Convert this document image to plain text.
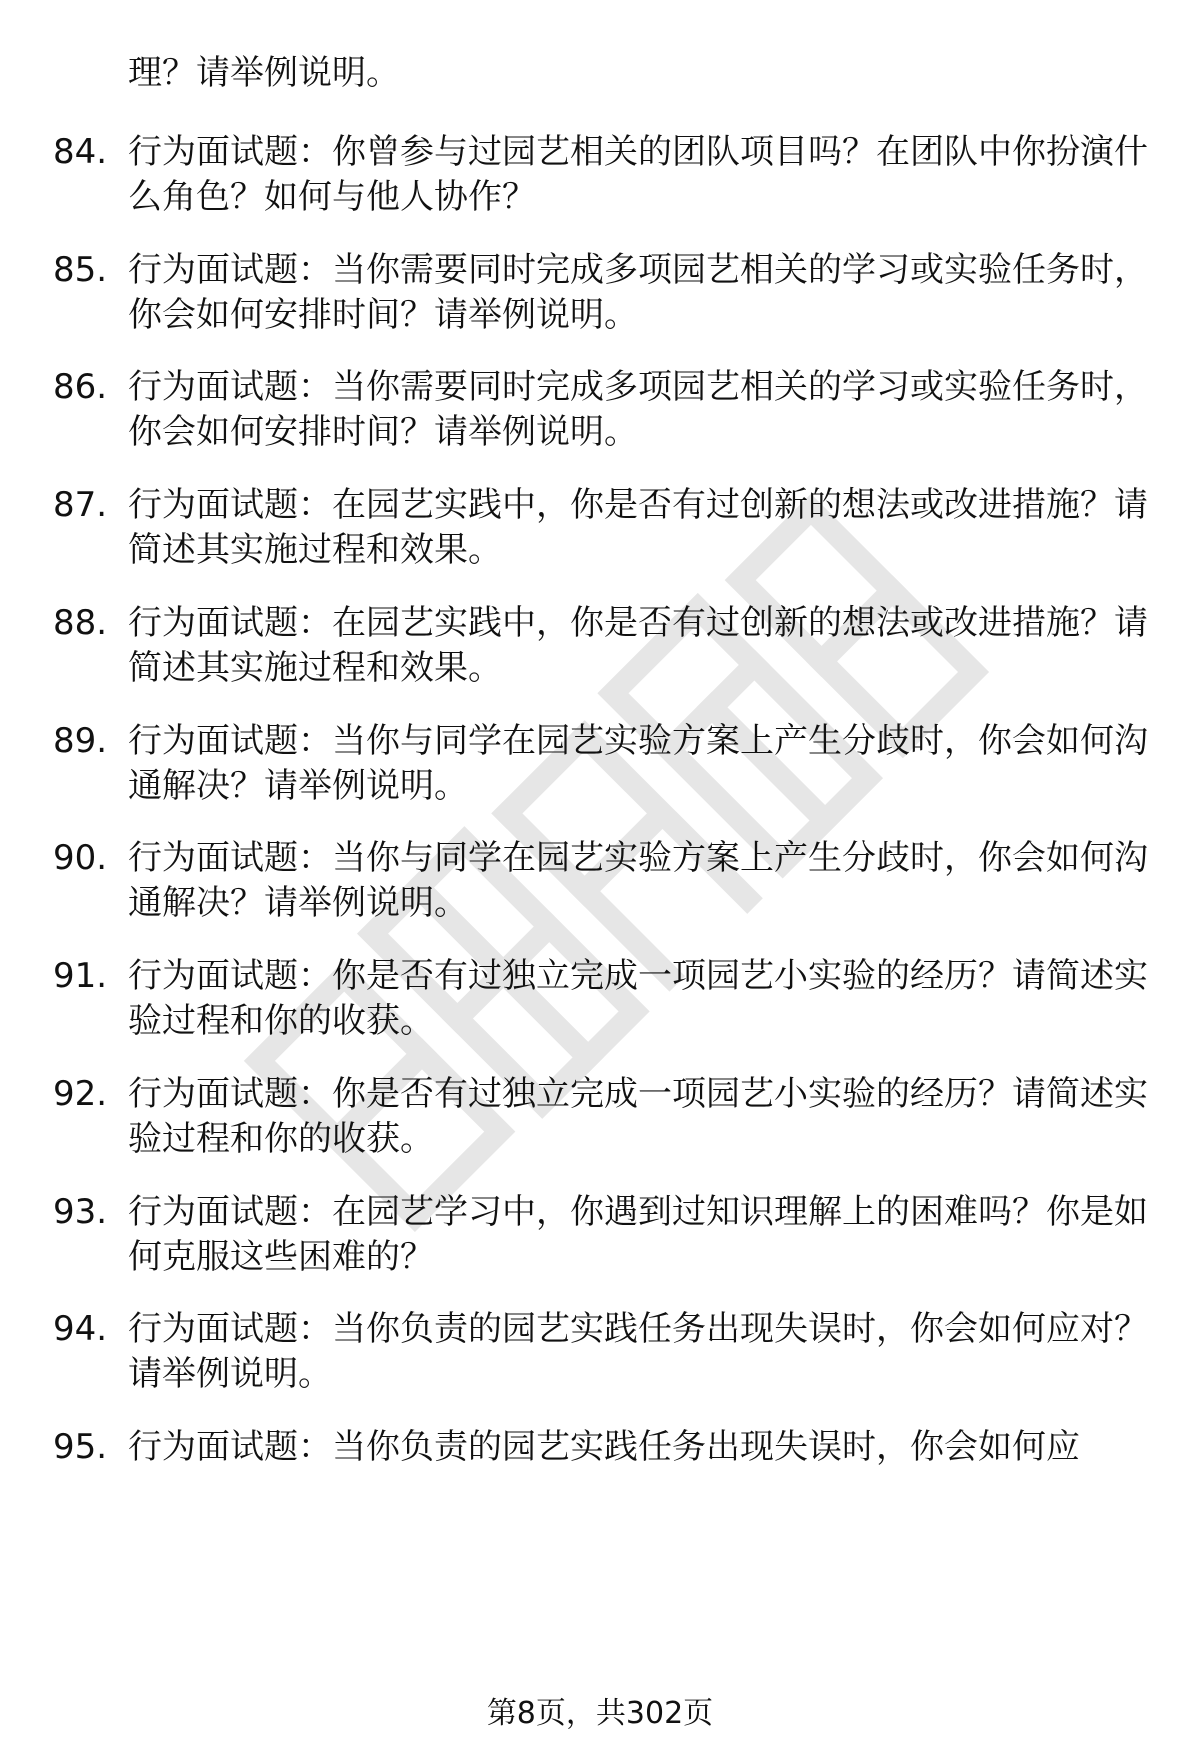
理？请举例说明。
84. 行为面试题：你曾参与过园艺相关的团队项目吗？在团队中你扮演什么角色？如何与他人协作？
85. 行为面试题：当你需要同时完成多项园艺相关的学习或实验任务时，你会如何安排时间？请举例说明。
86. 行为面试题：当你需要同时完成多项园艺相关的学习或实验任务时，你会如何安排时间？请举例说明。
87. 行为面试题：在园艺实践中，你是否有过创新的想法或改进措施？请简述其实施过程和效果。
88. 行为面试题：在园艺实践中，你是否有过创新的想法或改进措施？请简述其实施过程和效果。
89. 行为面试题：当你与同学在园艺实验方案上产生分歧时，你会如何沟通解决？请举例说明。
90. 行为面试题：当你与同学在园艺实验方案上产生分歧时，你会如何沟通解决？请举例说明。
91. 行为面试题：你是否有过独立完成一项园艺小实验的经历？请简述实验过程和你的收获。
92. 行为面试题：你是否有过独立完成一项园艺小实验的经历？请简述实验过程和你的收获。
93. 行为面试题：在园艺学习中，你遇到过知识理解上的困难吗？你是如何克服这些困难的？
94. 行为面试题：当你负责的园艺实践任务出现失误时，你会如何应对？请举例说明。
95. 行为面试题：当你负责的园艺实践任务出现失误时，你会如何应
第8页，共302页
